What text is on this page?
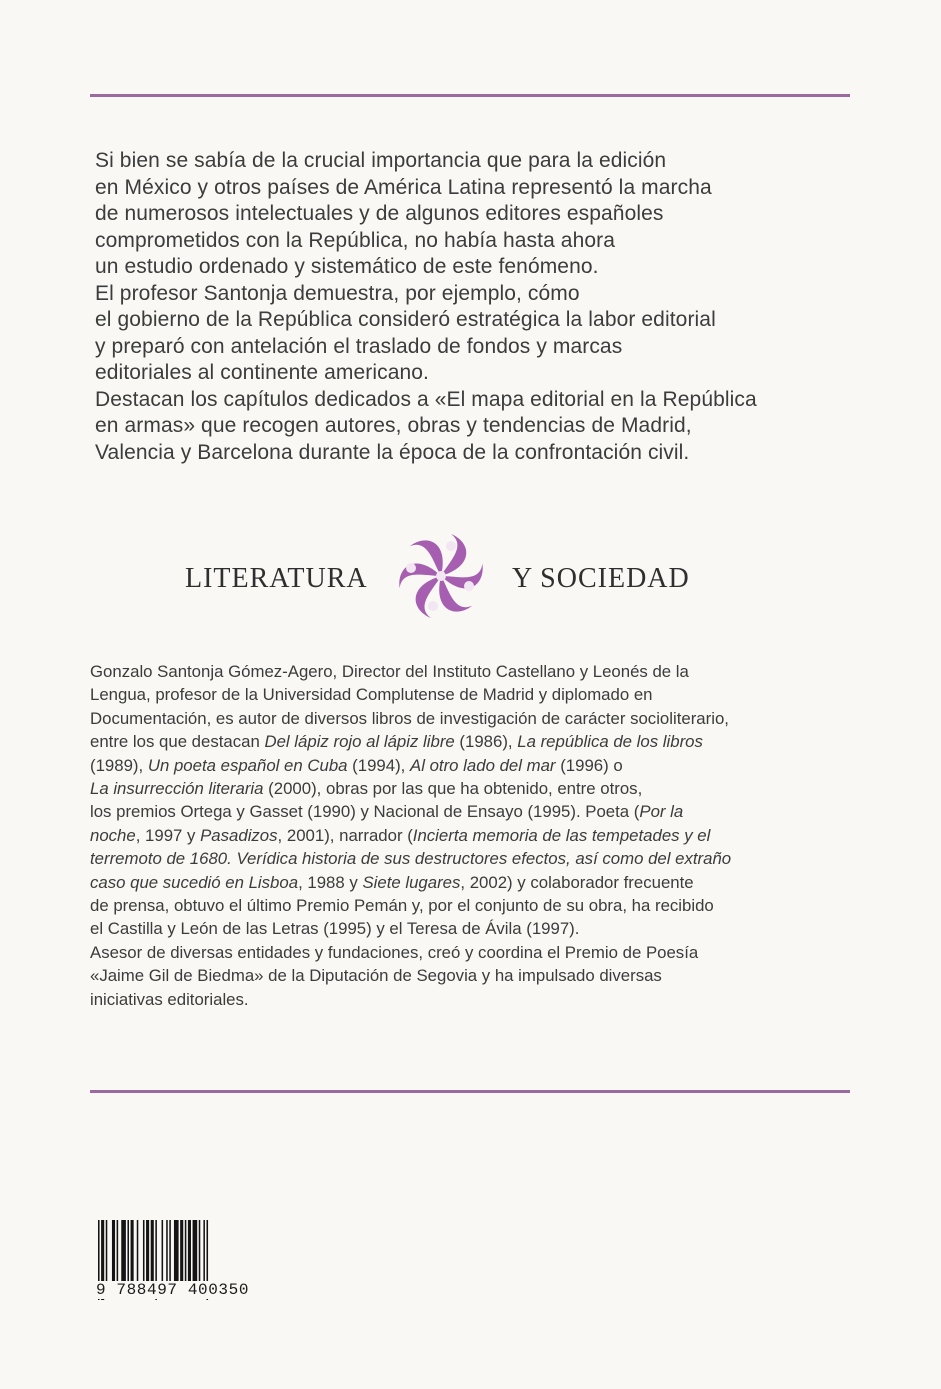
Si bien se sabía de la crucial importancia que para la edición
en México y otros países de América Latina representó la marcha
de numerosos intelectuales y de algunos editores españoles
comprometidos con la República, no había hasta ahora
un estudio ordenado y sistemático de este fenómeno.
El profesor Santonja demuestra, por ejemplo, cómo
el gobierno de la República consideró estratégica la labor editorial
y preparó con antelación el traslado de fondos y marcas
editoriales al continente americano.
Destacan los capítulos dedicados a «El mapa editorial en la República
en armas» que recogen autores, obras y tendencias de Madrid,
Valencia y Barcelona durante la época de la confrontación civil.
LITERATURA	Y SOCIEDAD
Gonzalo Santonja Gómez-Agero, Director del Instituto Castellano y Leonés de la
Lengua, profesor de la Universidad Complutense de Madrid y diplomado en
Documentación, es autor de diversos libros de investigación de carácter socioliterario,
entre los que destacan Del lápiz rojo al lápiz libre (1986), La república de los libros
(1989), Un poeta español en Cuba (1994), Al otro lado del mar (1996) o
La insurrección literaria (2000), obras por las que ha obtenido, entre otros,
los premios Ortega y Gasset (1990) y Nacional de Ensayo (1995). Poeta (Por la
noche, 1997 y Pasadizos, 2001), narrador (Incierta memoria de las tempetades y el
terremoto de 1680. Verídica historia de sus destructores efectos, así como del extraño
caso que sucedió en Lisboa, 1988 y Siete lugares, 2002) y colaborador frecuente
de prensa, obtuvo el último Premio Pemán y, por el conjunto de su obra, ha recibido
el Castilla y León de las Letras (1995) y el Teresa de Ávila (1997).
Asesor de diversas entidades y fundaciones, creó y coordina el Premio de Poesía
«Jaime Gil de Biedma» de la Diputación de Segovia y ha impulsado diversas
iniciativas editoriales.
9 788497 400350
